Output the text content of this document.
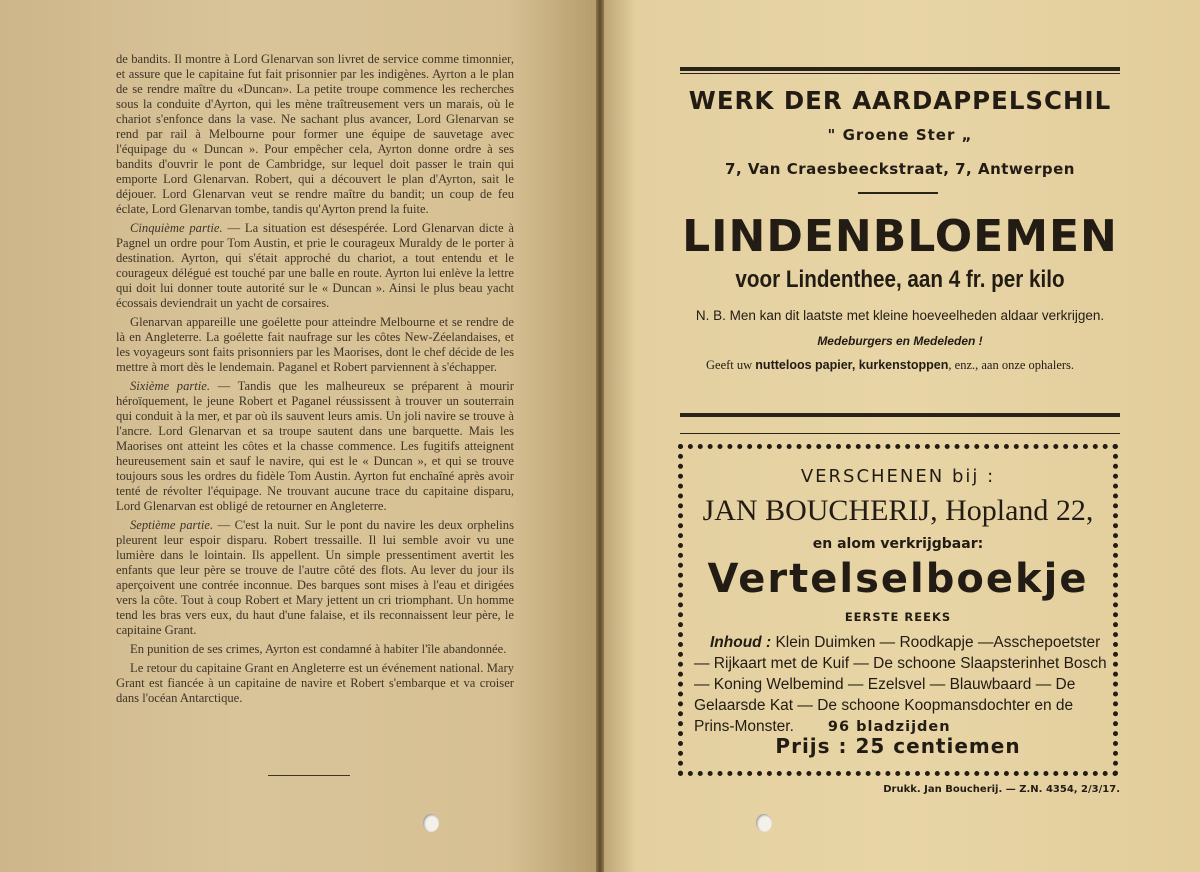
de bandits. Il montre à Lord Glenarvan son livret de service comme timonnier, et assure que le capitaine fut fait prisonnier par les indigènes. Ayrton a le plan de se rendre maître du «Duncan». La petite troupe commence les recherches sous la conduite d'Ayrton, qui les mène traîtreusement vers un marais, où le chariot s'enfonce dans la vase. Ne sachant plus avancer, Lord Glenarvan se rend par rail à Melbourne pour former une équipe de sauvetage avec l'équipage du « Duncan ». Pour empêcher cela, Ayrton donne ordre à ses bandits d'ouvrir le pont de Cambridge, sur lequel doit passer le train qui emporte Lord Glenarvan. Robert, qui a découvert le plan d'Ayrton, sait le déjouer. Lord Glenarvan veut se rendre maître du bandit; un coup de feu éclate, Lord Glenarvan tombe, tandis qu'Ayrton prend la fuite.

Cinquième partie. — La situation est désespérée. Lord Glenarvan dicte à Pagnel un ordre pour Tom Austin, et prie le courageux Muraldy de le porter à destination. Ayrton, qui s'était approché du chariot, a tout entendu et le courageux délégué est touché par une balle en route. Ayrton lui enlève la lettre qui doit lui donner toute autorité sur le « Duncan ». Ainsi le plus beau yacht écossais deviendrait un yacht de corsaires.

Glenarvan appareille une goélette pour atteindre Melbourne et se rendre de là en Angleterre. La goélette fait naufrage sur les côtes New-Zéelandaises, et les voyageurs sont faits prisonniers par les Maorises, dont le chef décide de les mettre à mort dès le lendemain. Paganel et Robert parviennent à s'échapper.

Sixième partie. — Tandis que les malheureux se préparent à mourir héroïquement, le jeune Robert et Paganel réussissent à trouver un souterrain qui conduit à la mer, et par où ils sauvent leurs amis. Un joli navire se trouve à l'ancre. Lord Glenarvan et sa troupe sautent dans une barquette. Mais les Maorises ont atteint les côtes et la chasse commence. Les fugitifs atteignent heureusement sain et sauf le navire, qui est le « Duncan », et qui se trouve toujours sous les ordres du fidèle Tom Austin. Ayrton fut enchaîné après avoir tenté de révolter l'équipage. Ne trouvant aucune trace du capitaine disparu, Lord Glenarvan est obligé de retourner en Angleterre.

Septième partie. — C'est la nuit. Sur le pont du navire les deux orphelins pleurent leur espoir disparu. Robert tressaille. Il lui semble avoir vu une lumière dans le lointain. Ils appellent. Un simple pressentiment avertit les enfants que leur père se trouve de l'autre côté des flots. Au lever du jour ils aperçoivent une contrée inconnue. Des barques sont mises à l'eau et dirigées vers la côte. Tout à coup Robert et Mary jettent un cri triomphant. Un homme tend les bras vers eux, du haut d'une falaise, et ils reconnaissent leur père, le capitaine Grant.

En punition de ses crimes, Ayrton est condamné à habiter l'île abandonnée.

Le retour du capitaine Grant en Angleterre est un événement national. Mary Grant est fiancée à un capitaine de navire et Robert s'embarque et va croiser dans l'océan Antarctique.

WERK DER AARDAPPELSCHIL
" Groene Ster „
7, Van Craesbeeckstraat, 7, Antwerpen
LINDENBLOEMEN
voor Lindenthee, aan 4 fr. per kilo
N. B. Men kan dit laatste met kleine hoeveelheden aldaar verkrijgen.
Medeburgers en Medeleden !
Geeft uw nutteloos papier, kurkenstoppen, enz., aan onze ophalers.
VERSCHENEN bij :
JAN BOUCHERIJ, Hopland 22,
en alom verkrijgbaar:
Vertelselboekje
EERSTE REEKS
Inhoud : Klein Duimken — Roodkapje —Asschepoetster
— Rijkaart met de Kuif — De schoone Slaapsterinhet Bosch
— Koning Welbemind — Ezelsvel — Blauwbaard — De
Gelaarsde Kat — De schoone Koopmansdochter en de
Prins-Monster. 96 bladzijden
Prijs : 25 centiemen
Drukk. Jan Boucherij. — Z.N. 4354, 2/3/17.
